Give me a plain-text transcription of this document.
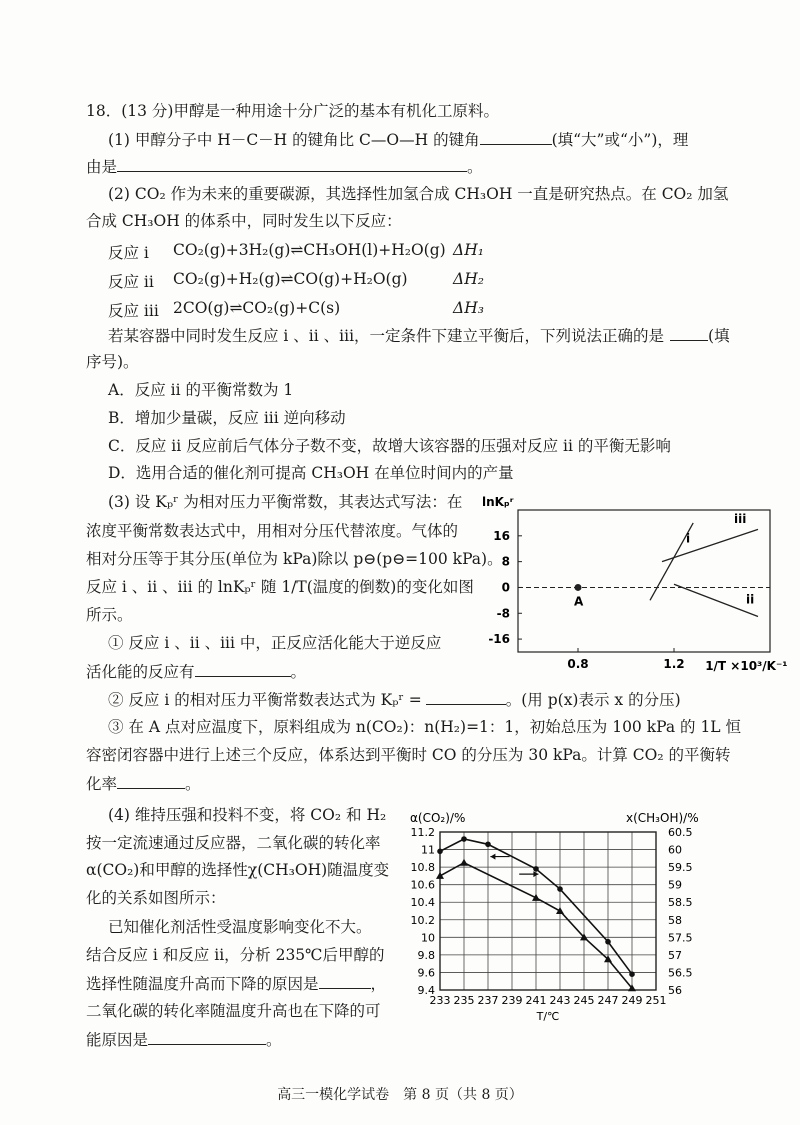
18．(13 分)甲醇是一种用途十分广泛的基本有机化工原料。
(1) 甲醇分子中 H－C－H 的键角比 C—O—H 的键角	(填“大”或“小”)，理
由是	。
(2) CO₂ 作为未来的重要碳源，其选择性加氢合成 CH₃OH 一直是研究热点。在 CO₂ 加氢
合成 CH₃OH 的体系中，同时发生以下反应：
反应 i CO₂(g)+3H₂(g)⇌CH₃OH(l)+H₂O(g) ΔH₁
反应 ii CO₂(g)+H₂(g)⇌CO(g)+H₂O(g)	ΔH₂
反应 iii 2CO(g)⇌CO₂(g)+C(s)	ΔH₃
若某容器中同时发生反应 i 、ii 、iii，一定条件下建立平衡后，下列说法正确的是	(填
序号)。
A．反应 ii 的平衡常数为 1
B．增加少量碳，反应 iii 逆向移动
C．反应 ii 反应前后气体分子数不变，故增大该容器的压强对反应 ii 的平衡无影响
D．选用合适的催化剂可提高 CH₃OH 在单位时间内的产量
(3) 设 Kₚʳ 为相对压力平衡常数，其表达式写法：在
浓度平衡常数表达式中，用相对分压代替浓度。气体的
相对分压等于其分压(单位为 kPa)除以 p⊖(p⊖=100 kPa)。
反应 i 、ii 、iii 的 lnKₚʳ 随 1/T(温度的倒数)的变化如图
所示。
① 反应 i 、ii 、iii 中，正反应活化能大于逆反应
活化能的反应有	。
② 反应 i 的相对压力平衡常数表达式为 Kₚʳ =	。(用 p(x)表示 x 的分压)
③ 在 A 点对应温度下，原料组成为 n(CO₂)：n(H₂)=1：1，初始总压为 100 kPa 的 1L 恒
容密闭容器中进行上述三个反应，体系达到平衡时 CO 的分压为 30 kPa。计算 CO₂ 的平衡转
化率	。
lnKₚʳ
16
8
0
-8
-16
0.8	1.2 1/T ×10³/K⁻¹
A
i
iii
ii
(4) 维持压强和投料不变，将 CO₂ 和 H₂
按一定流速通过反应器，二氧化碳的转化率
α(CO₂)和甲醇的选择性χ(CH₃OH)随温度变
化的关系如图所示：
已知催化剂活性受温度影响变化不大。
结合反应 i 和反应 ii，分析 235℃后甲醇的
选择性随温度升高而下降的原因是	，
二氧化碳的转化率随温度升高也在下降的可
能原因是	。
11.2	60.5
11	60
10.8	59.5
10.6	59
10.4	58.5
10.2	58
10	57.5
9.8	57
9.6	56.5
9.4	56
233 235 237 239 241 243 245 247 249 251
T/℃
α(CO₂)/%	x(CH₃OH)/%
高三一模化学试卷　第 8 页（共 8 页）
